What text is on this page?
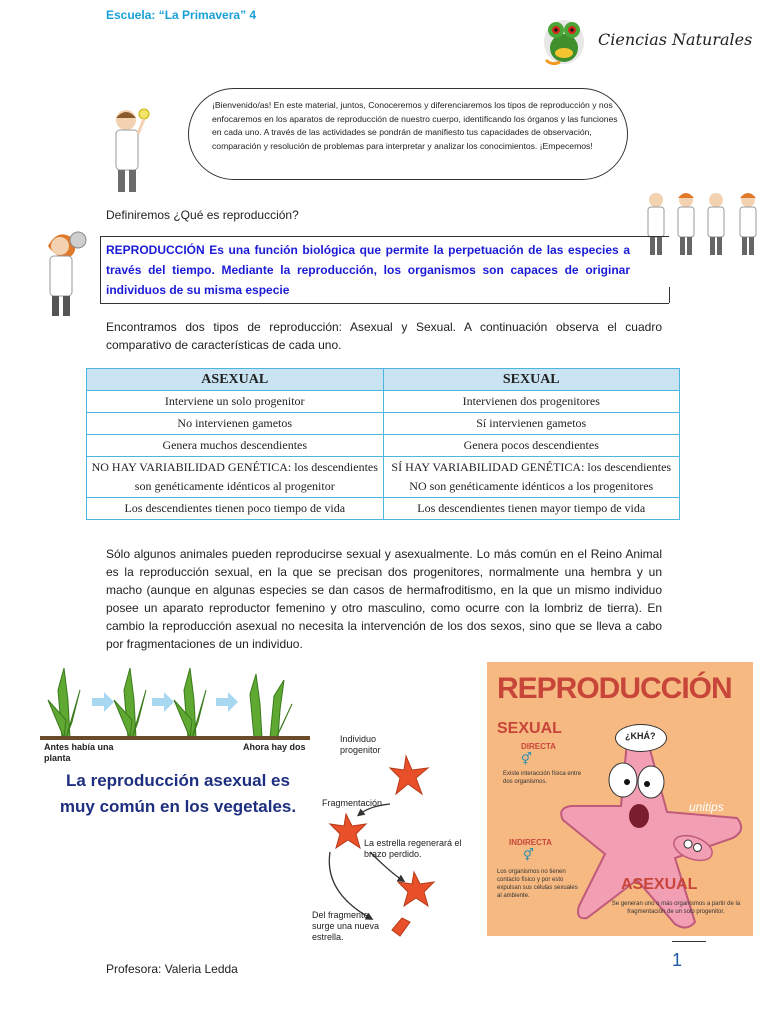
Escuela: “La Primavera” 4
Ciencias Naturales
¡Bienvenido/as! En este material, juntos, Conoceremos y diferenciaremos los tipos de reproducción y nos enfocaremos en los aparatos de reproducción de nuestro cuerpo, identificando los órganos y las funciones en cada uno. A través de las actividades se pondrán de manifiesto tus capacidades de observación, comparación y resolución de problemas para interpretar y analizar los conocimientos. ¡Empecemos!
Definiremos ¿Qué es reproducción?
REPRODUCCIÓN Es una función biológica que permite la perpetuación de las especies a través del tiempo. Mediante la reproducción, los organismos son capaces de originar individuos de su misma especie
Encontramos dos tipos de reproducción: Asexual y Sexual. A continuación observa el cuadro comparativo de características de cada uno.
ASEXUAL	SEXUAL
Interviene un solo progenitor	Intervienen dos progenitores
No intervienen gametos	Sí intervienen gametos
Genera muchos descendientes	Genera pocos descendientes
NO HAY VARIABILIDAD GENÉTICA: los descendientes son genéticamente idénticos al progenitor	SÍ HAY VARIABILIDAD GENÉTICA: los descendientes NO son genéticamente idénticos a los progenitores
Los descendientes tienen poco tiempo de vida	Los descendientes tienen mayor tiempo de vida
Sólo algunos animales pueden reproducirse sexual y asexualmente. Lo más común en el Reino Animal es la reproducción sexual, en la que se precisan dos progenitores, normalmente una hembra y un macho (aunque en algunas especies se dan casos de hermafroditismo, en la que un mismo individuo posee un aparato reproductor femenino y otro masculino, como ocurre con la lombriz de tierra). En cambio la reproducción asexual no necesita la intervención de los dos sexos, sino que se lleva a cabo por fragmentaciones de un individuo.
Antes había una planta
Ahora hay dos
La reproducción asexual es muy común en los vegetales.
Individuo progenitor
Fragmentación
La estrella regenerará el brazo perdido.
Del fragmento surge una nueva estrella.
REPRODUCCIÓN
SEXUAL
DIRECTA
⚥
Existe interacción física entre dos organismos.
INDIRECTA
⚥
Los organismos no tienen contacto físico y por esto expulsan sus células sexuales al ambiente.
¿KHÁ?
unitips
ASEXUAL
Se generan uno o más organismos a partir de la fragmentación de un solo progenitor.
Profesora: Valeria Ledda	1
